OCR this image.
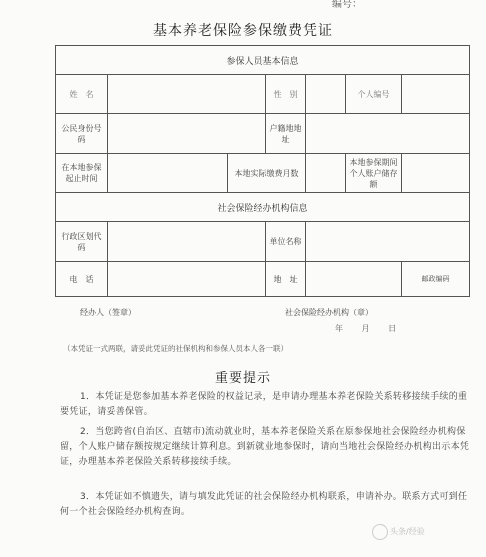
编号：
基本养老保险参保缴费凭证
参保人员基本信息						
姓　名			性　别		个人编号	
公民身份号　码			户籍地地　址			
在本地参保起止时间		本地实际缴费月数			本地参保期间个人账户储存额	
社会保险经办机构信息						
行政区划代　码			单位名称			
电　话			地　址			邮政编码
经办人（签章）	社会保险经办机构（章）
年 月 日
（本凭证一式两联，请妥此凭证的社保机构和参保人员本人各一联）
重要提示
1．本凭证是您参加基本养老保险的权益记录，是申请办理基本养老保险关系转移接续手续的重要凭证，请妥善保管。
2．当您跨省(自治区、直辖市)流动就业时，基本养老保险关系在原参保地社会保险经办机构保留，个人账户储存额按规定继续计算利息。到新就业地参保时，请向当地社会保险经办机构出示本凭证，办理基本养老保险关系转移接续手续。
3．本凭证如不慎遗失，请与填发此凭证的社会保险经办机构联系，申请补办。联系方式可到任何一个社会保险经办机构查询。
头条/经验
